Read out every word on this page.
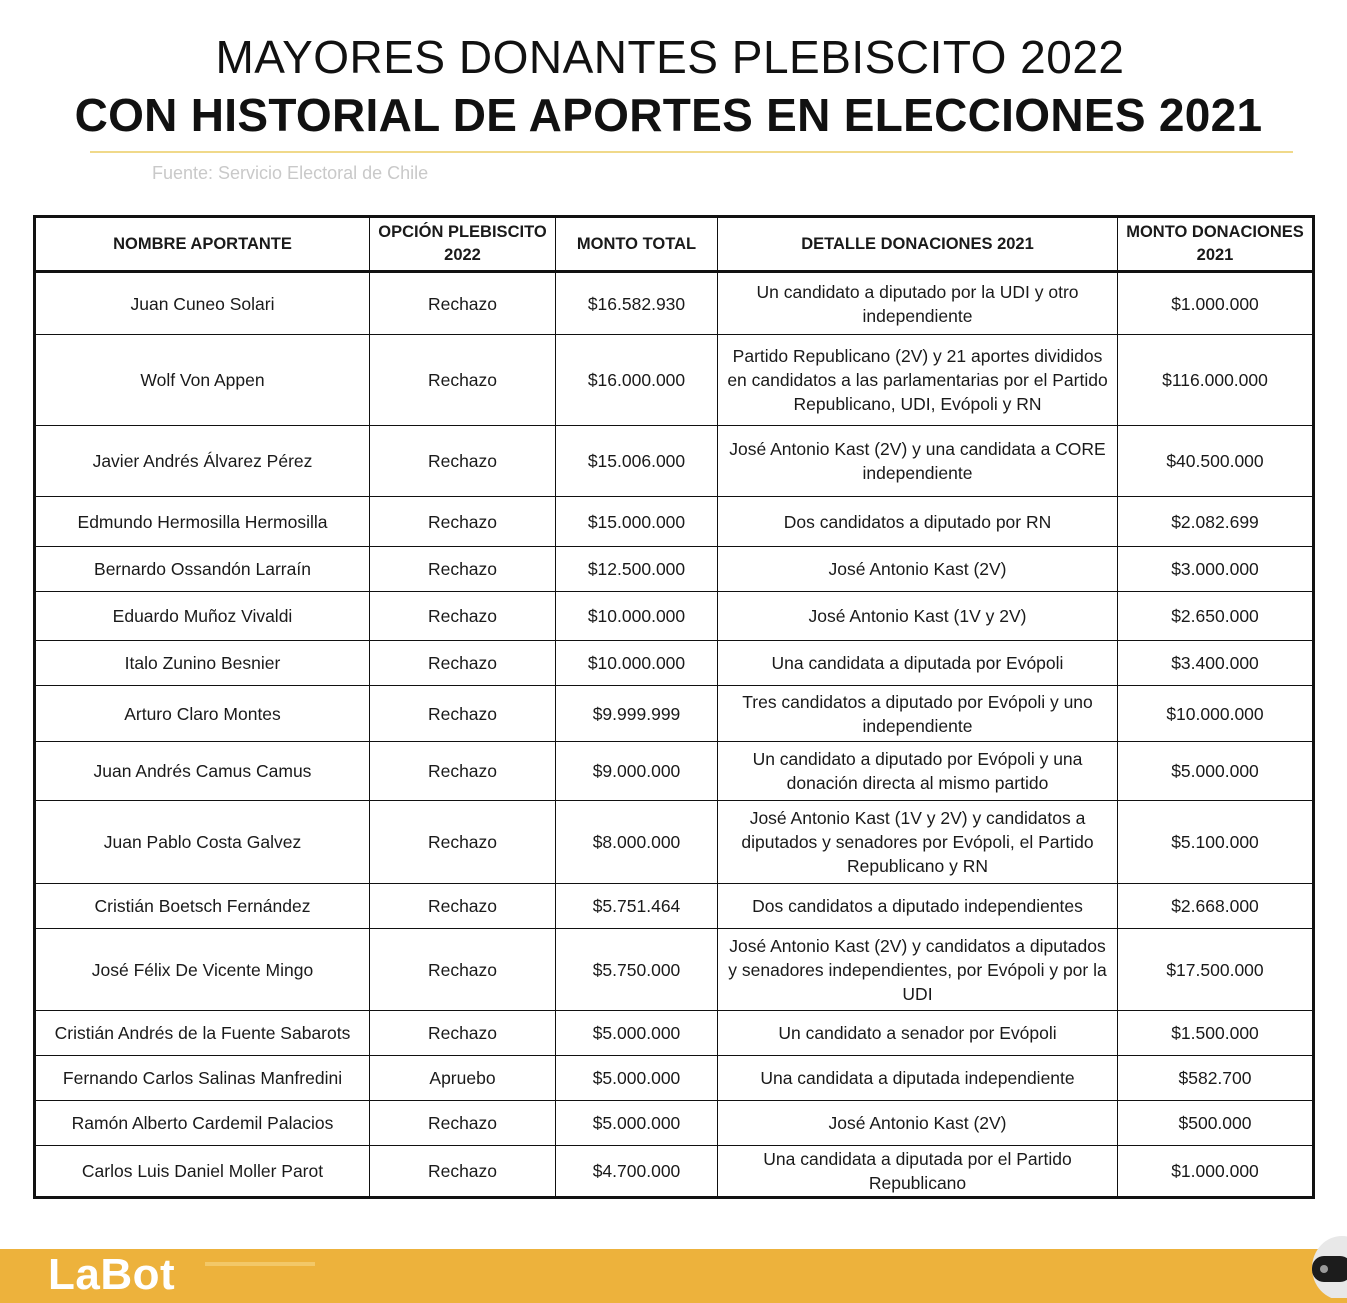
MAYORES DONANTES PLEBISCITO 2022
CON HISTORIAL DE APORTES EN ELECCIONES 2021
Fuente: Servicio Electoral de Chile
NOMBRE APORTANTE	OPCIÓN PLEBISCITO 2022	MONTO TOTAL	DETALLE DONACIONES 2021	MONTO DONACIONES 2021
Juan Cuneo Solari	Rechazo	$16.582.930	Un candidato a diputado por la UDI y otro independiente	$1.000.000
Wolf Von Appen	Rechazo	$16.000.000	Partido Republicano (2V) y 21 aportes divididos en candidatos a las parlamentarias por el Partido Republicano, UDI, Evópoli y RN	$116.000.000
Javier Andrés Álvarez Pérez	Rechazo	$15.006.000	José Antonio Kast (2V) y una candidata a CORE independiente	$40.500.000
Edmundo Hermosilla Hermosilla	Rechazo	$15.000.000	Dos candidatos a diputado por RN	$2.082.699
Bernardo Ossandón Larraín	Rechazo	$12.500.000	José Antonio Kast (2V)	$3.000.000
Eduardo Muñoz Vivaldi	Rechazo	$10.000.000	José Antonio Kast (1V y 2V)	$2.650.000
Italo Zunino Besnier	Rechazo	$10.000.000	Una candidata a diputada por Evópoli	$3.400.000
Arturo Claro Montes	Rechazo	$9.999.999	Tres candidatos a diputado por Evópoli y uno independiente	$10.000.000
Juan Andrés Camus Camus	Rechazo	$9.000.000	Un candidato a diputado por Evópoli y una donación directa al mismo partido	$5.000.000
Juan Pablo Costa Galvez	Rechazo	$8.000.000	José Antonio Kast (1V y 2V) y candidatos a diputados y senadores por Evópoli, el Partido Republicano y RN	$5.100.000
Cristián Boetsch Fernández	Rechazo	$5.751.464	Dos candidatos a diputado independientes	$2.668.000
José Félix De Vicente Mingo	Rechazo	$5.750.000	José Antonio Kast (2V) y candidatos a diputados y senadores independientes, por Evópoli y por la UDI	$17.500.000
Cristián Andrés de la Fuente Sabarots	Rechazo	$5.000.000	Un candidato a senador por Evópoli	$1.500.000
Fernando Carlos Salinas Manfredini	Apruebo	$5.000.000	Una candidata a diputada independiente	$582.700
Ramón Alberto Cardemil Palacios	Rechazo	$5.000.000	José Antonio Kast (2V)	$500.000
Carlos Luis Daniel Moller Parot	Rechazo	$4.700.000	Una candidata a diputada por el Partido Republicano	$1.000.000
LaBot
